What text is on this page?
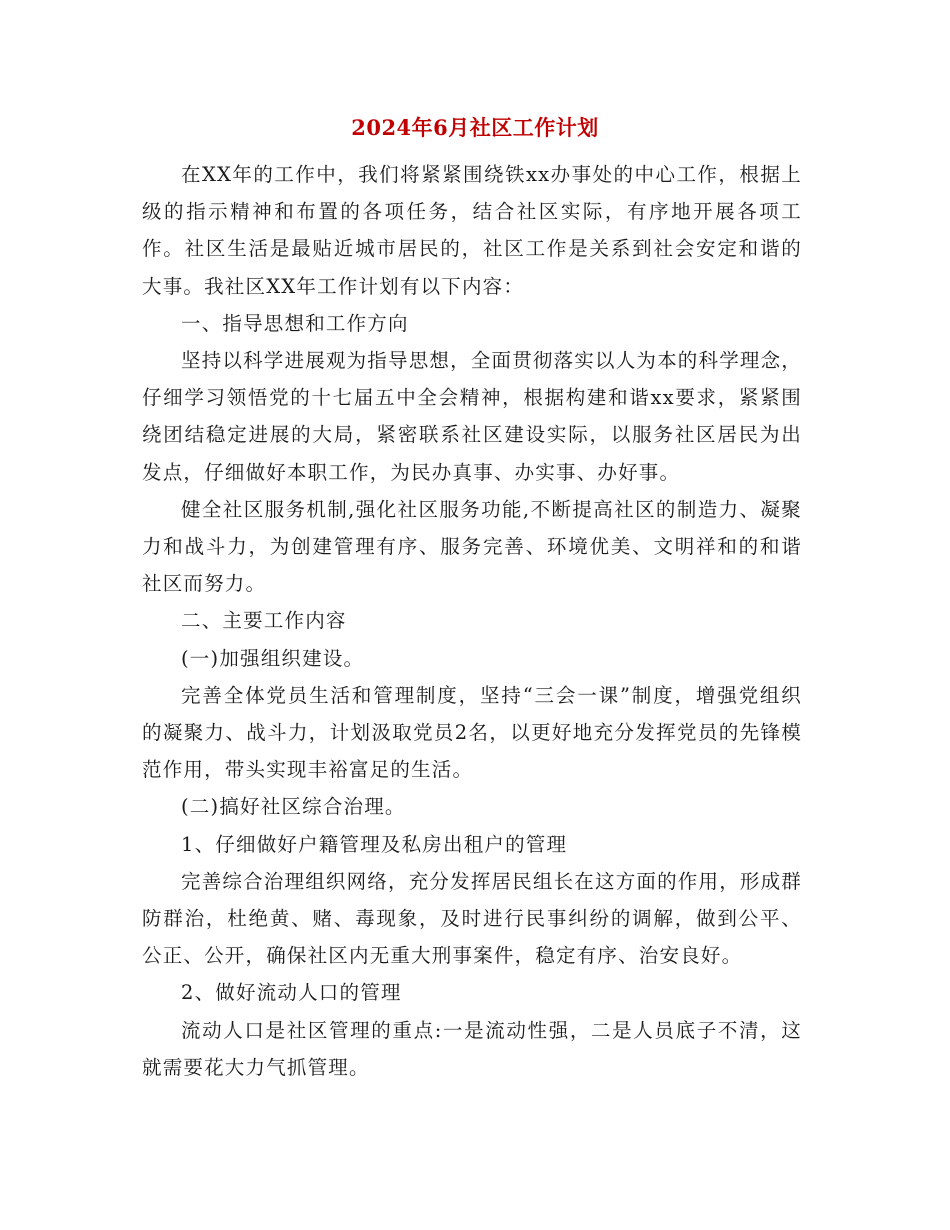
2024年6月社区工作计划

在XX年的工作中，我们将紧紧围绕铁xx办事处的中心工作，根据上级的指示精神和布置的各项任务，结合社区实际，有序地开展各项工作。社区生活是最贴近城市居民的，社区工作是关系到社会安定和谐的大事。我社区XX年工作计划有以下内容：

一、指导思想和工作方向

坚持以科学进展观为指导思想，全面贯彻落实以人为本的科学理念，仔细学习领悟党的十七届五中全会精神，根据构建和谐xx要求，紧紧围绕团结稳定进展的大局，紧密联系社区建设实际，以服务社区居民为出发点，仔细做好本职工作，为民办真事、办实事、办好事。

健全社区服务机制,强化社区服务功能,不断提高社区的制造力、凝聚力和战斗力，为创建管理有序、服务完善、环境优美、文明祥和的和谐社区而努力。

二、主要工作内容

(一)加强组织建设。

完善全体党员生活和管理制度，坚持“三会一课”制度，增强党组织的凝聚力、战斗力，计划汲取党员2名，以更好地充分发挥党员的先锋模范作用，带头实现丰裕富足的生活。

(二)搞好社区综合治理。

1、仔细做好户籍管理及私房出租户的管理

完善综合治理组织网络，充分发挥居民组长在这方面的作用，形成群防群治，杜绝黄、赌、毒现象，及时进行民事纠纷的调解，做到公平、公正、公开，确保社区内无重大刑事案件，稳定有序、治安良好。

2、做好流动人口的管理

流动人口是社区管理的重点:一是流动性强，二是人员底子不清，这就需要花大力气抓管理。
